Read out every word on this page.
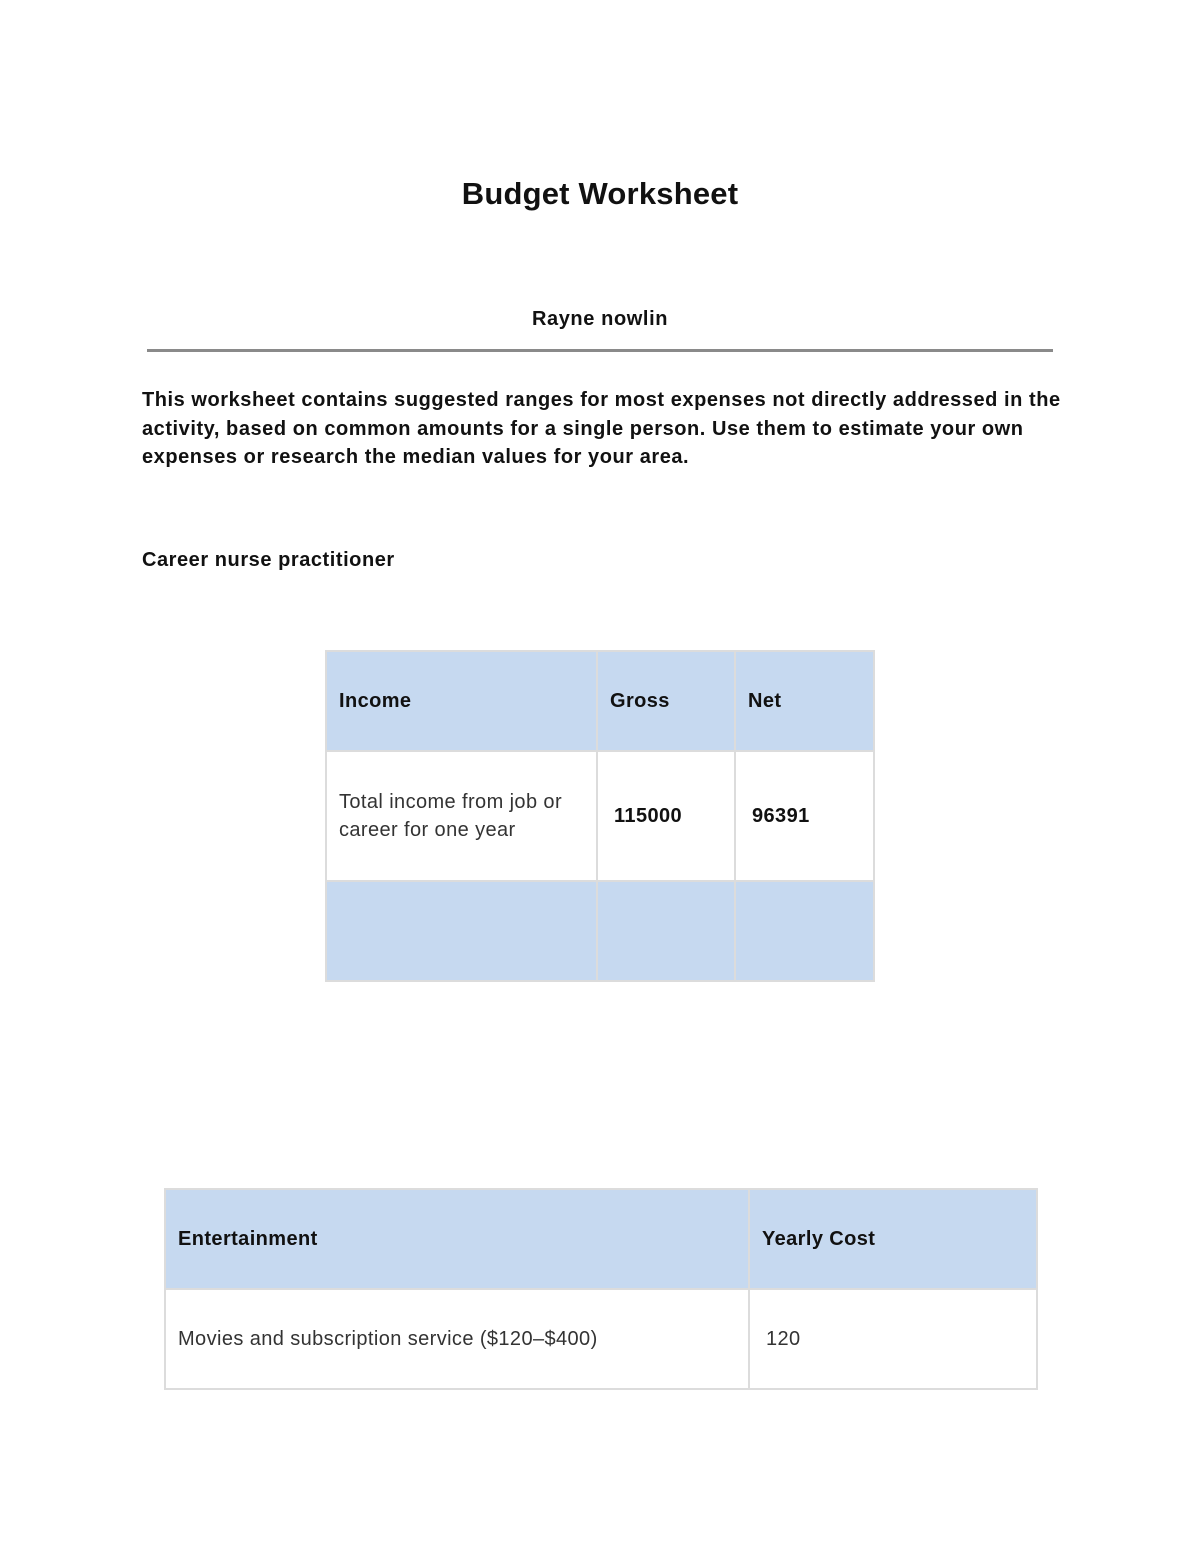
Budget Worksheet
Rayne nowlin

This worksheet contains suggested ranges for most expenses not directly addressed in the activity, based on common amounts for a single person. Use them to estimate your own expenses or research the median values for your area.

Career nurse practitioner

Income	Gross	Net
Total income from job or career for one year	115000	96391

Entertainment	Yearly Cost
Movies and subscription service ($120–$400)	120
